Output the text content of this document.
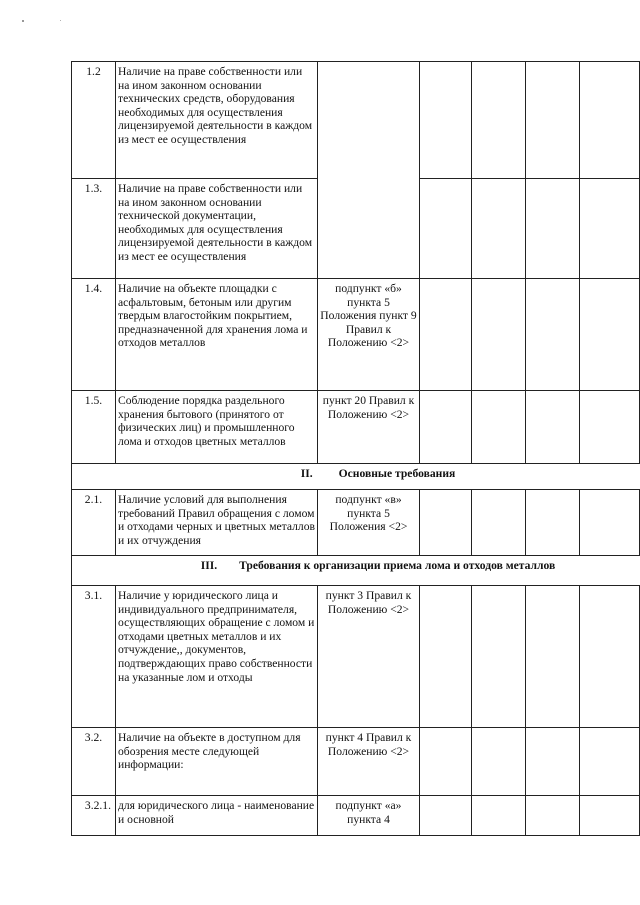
1.2	Наличие на праве собственности или на ином законном основании технических средств, оборудования необходимых для осуществления лицензируемой деятельности в каждом из мест ее осуществления						
1.3.	Наличие на праве собственности или на ином законном основании технической документации, необходимых для осуществления лицензируемой деятельности в каждом из мест ее осуществления						
1.4.	Наличие на объекте площадки с асфальтовым, бетоным или другим твердым влагостойким покрытием, предназначенной для хранения лома и отходов металлов	подпункт «б» пункта 5 Положения пункт 9 Правил к Положению <2>					
1.5.	Соблюдение порядка раздельного хранения бытового (принятого от физических лиц) и промышленного лома и отходов цветных металлов	пункт 20 Правил к Положению <2>					
II. Основные требования							
2.1.	Наличие условий для выполнения требований Правил обращения с ломом и отходами черных и цветных металлов и их отчуждения	подпункт «в» пункта 5 Положения <2>					
III. Требования к организации приема лома и отходов металлов							
3.1.	Наличие у юридического лица и индивидуального предпринимателя, осуществляющих обращение с ломом и отходами цветных металлов и их отчуждение,, документов, подтверждающих право собственности на указанные лом и отходы	пункт 3 Правил к Положению <2>					
3.2.	Наличие на объекте в доступном для обозрения месте следующей информации:	пункт 4 Правил к Положению <2>					
3.2.1.	для юридического лица - наименование и основной	подпункт «а» пункта 4					
